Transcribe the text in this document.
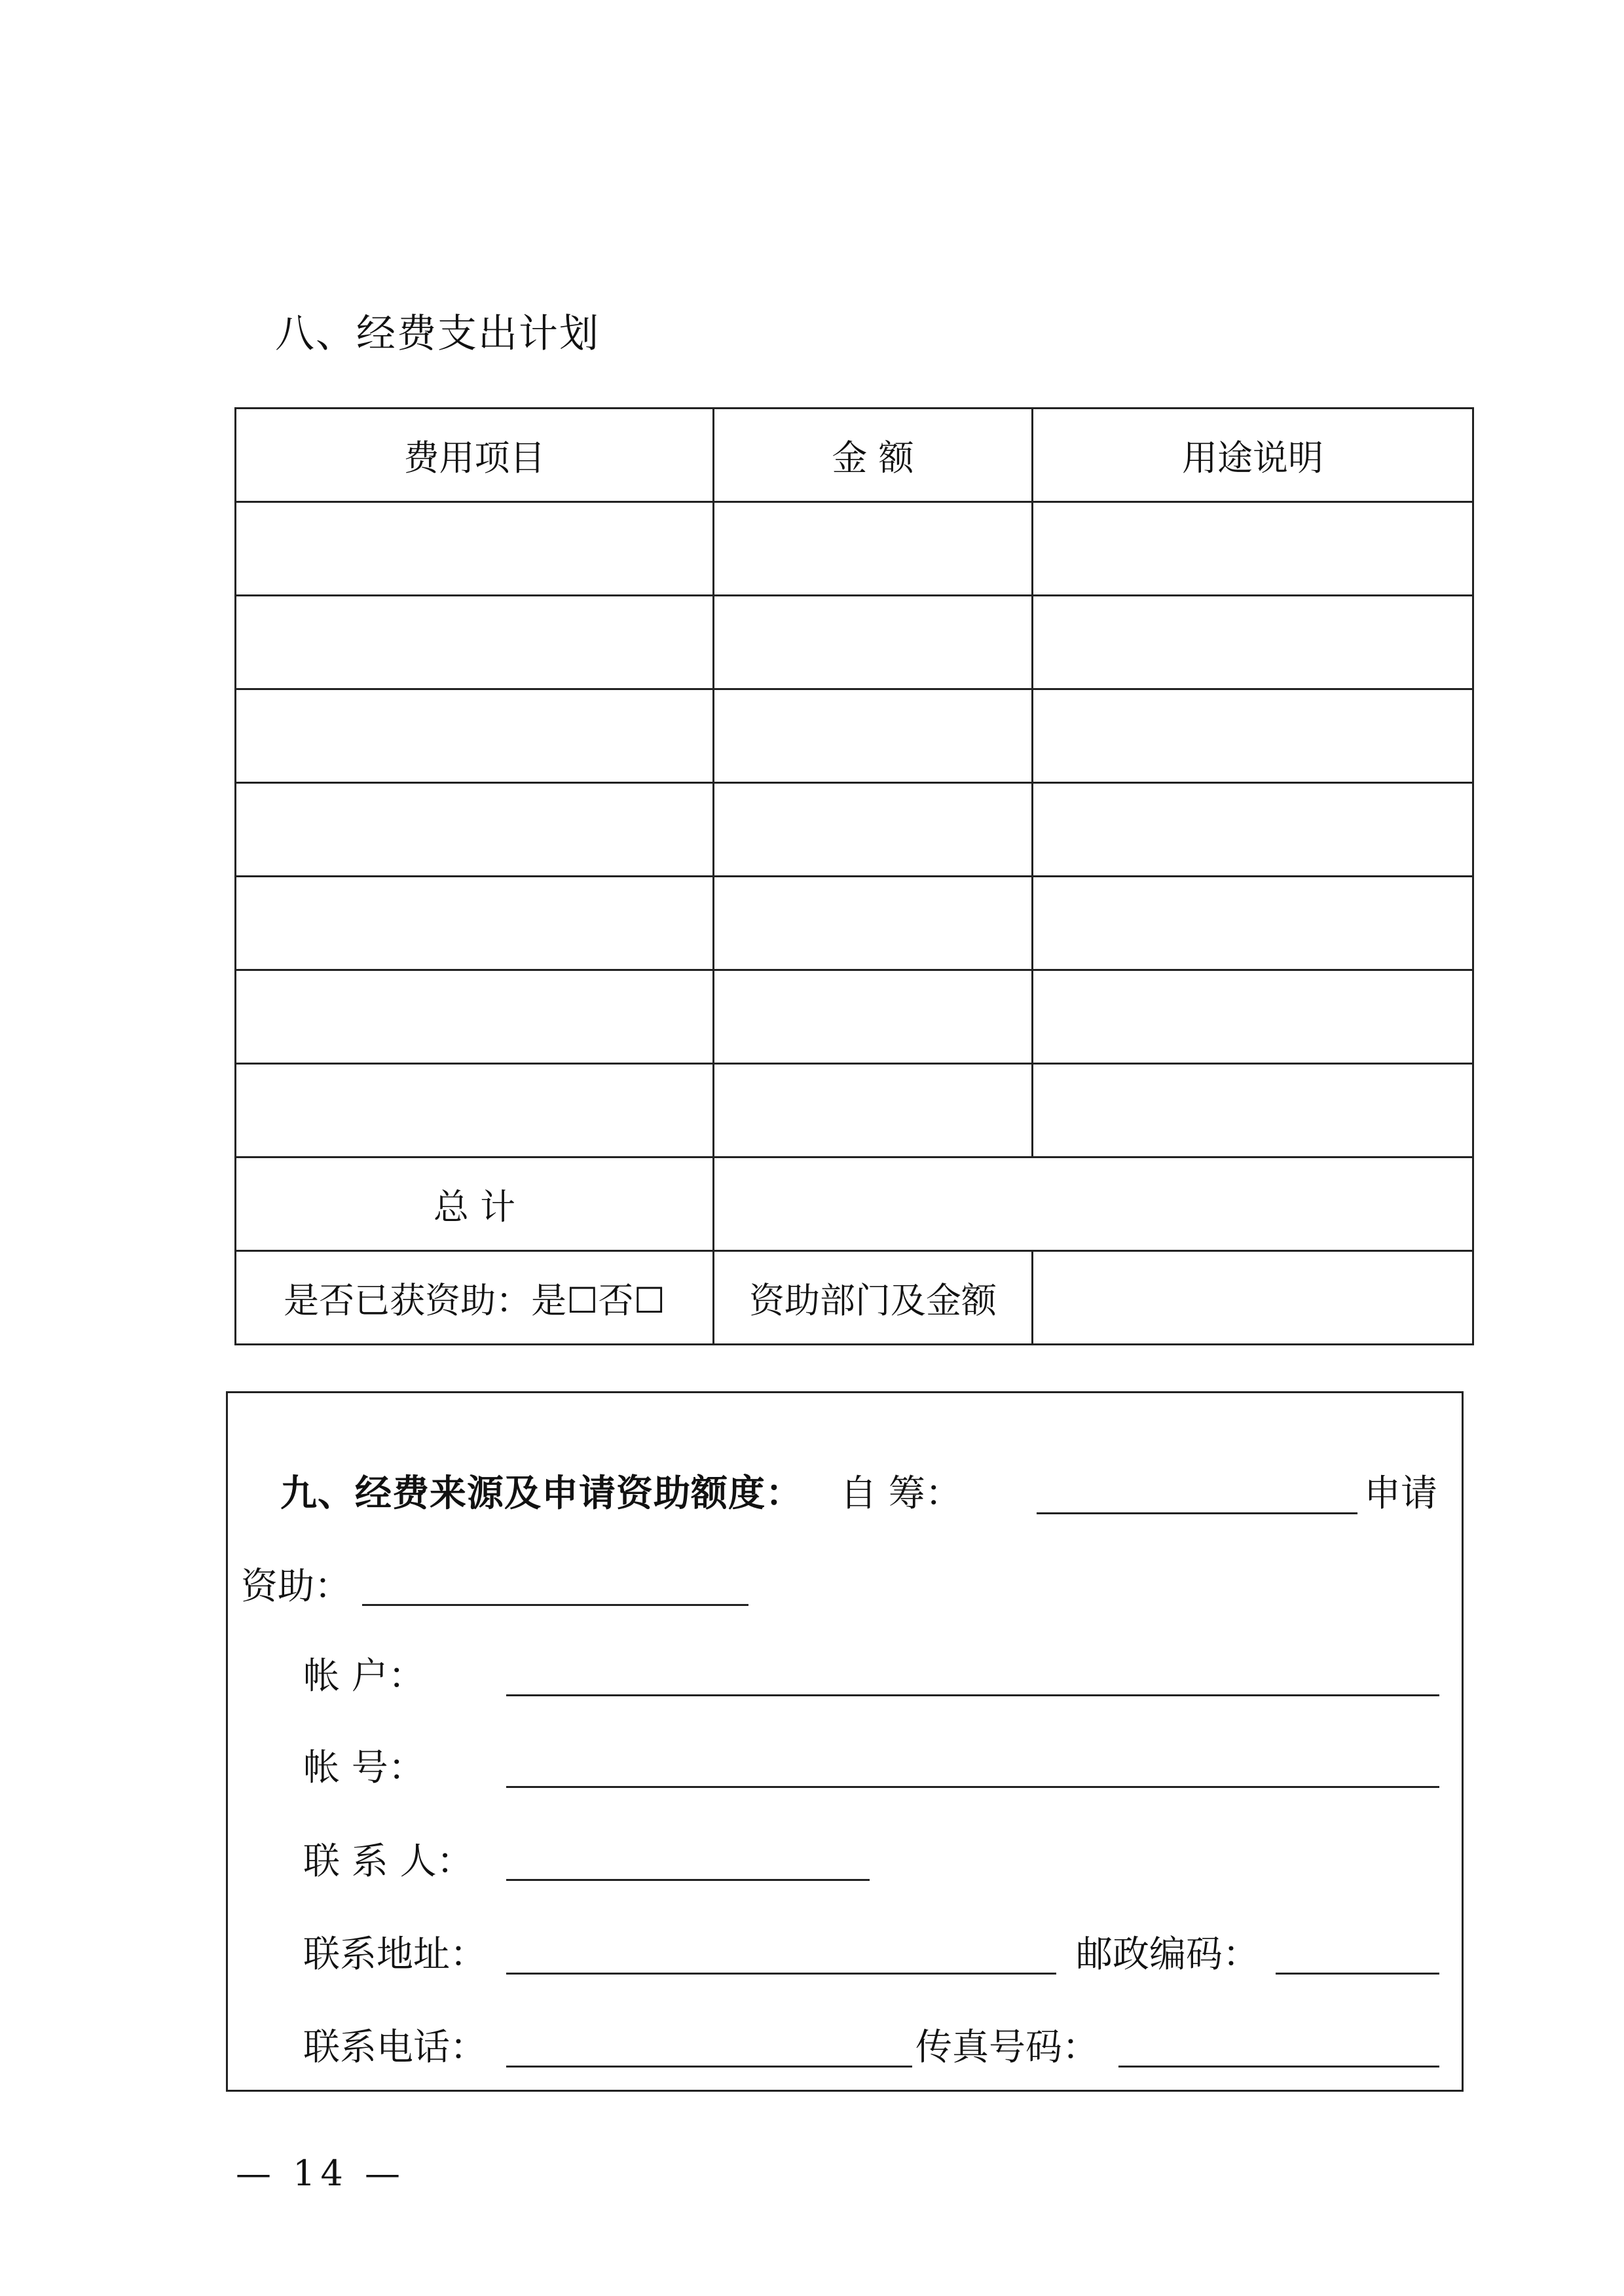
八、经费支出计划
费用项目	金 额	用途说明

总 计		
是否已获资助：是☐否☐	资助部门及金额	
九、经费来源及申请资助额度： 自 筹：	申请
资助：
帐 户：
帐 号：
联 系 人：
联系地址：	邮政编码：
联系电话：	传真号码：
— 14 —
